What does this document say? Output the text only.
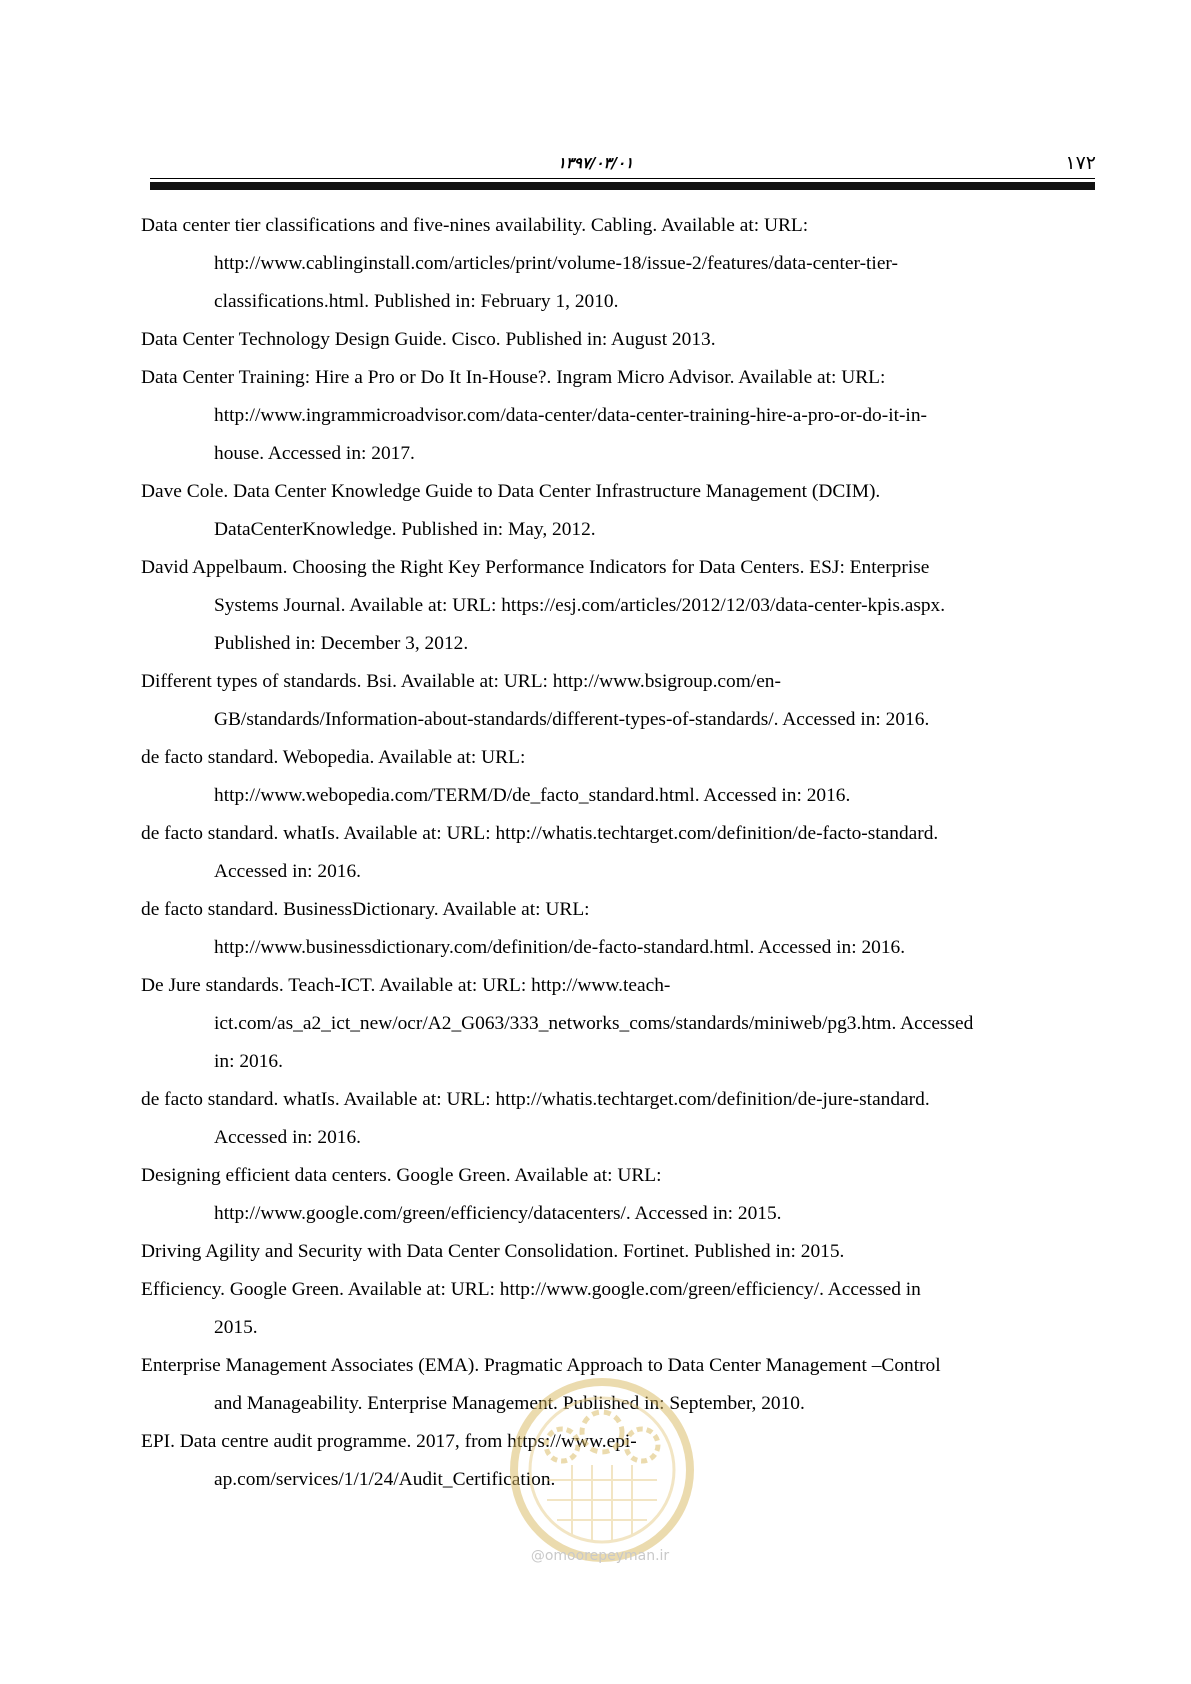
۱۳۹۷/۰۳/۰۱	۱۷۲
Data center tier classifications and five-nines availability. Cabling. Available at: URL:
http://www.cablinginstall.com/articles/print/volume-18/issue-2/features/data-center-tier-
classifications.html. Published in: February 1, 2010.
Data Center Technology Design Guide. Cisco. Published in: August 2013.
Data Center Training: Hire a Pro or Do It In-House?. Ingram Micro Advisor. Available at: URL:
http://www.ingrammicroadvisor.com/data-center/data-center-training-hire-a-pro-or-do-it-in-
house. Accessed in: 2017.
Dave Cole. Data Center Knowledge Guide to Data Center Infrastructure Management (DCIM).
DataCenterKnowledge. Published in: May, 2012.
David Appelbaum. Choosing the Right Key Performance Indicators for Data Centers. ESJ: Enterprise
Systems Journal. Available at: URL: https://esj.com/articles/2012/12/03/data-center-kpis.aspx.
Published in: December 3, 2012.
Different types of standards. Bsi. Available at: URL: http://www.bsigroup.com/en-
GB/standards/Information-about-standards/different-types-of-standards/. Accessed in: 2016.
de facto standard. Webopedia. Available at: URL:
http://www.webopedia.com/TERM/D/de_facto_standard.html. Accessed in: 2016.
de facto standard. whatIs. Available at: URL: http://whatis.techtarget.com/definition/de-facto-standard.
Accessed in: 2016.
de facto standard. BusinessDictionary. Available at: URL:
http://www.businessdictionary.com/definition/de-facto-standard.html. Accessed in: 2016.
De Jure standards. Teach-ICT. Available at: URL: http://www.teach-
ict.com/as_a2_ict_new/ocr/A2_G063/333_networks_coms/standards/miniweb/pg3.htm. Accessed
in: 2016.
de facto standard. whatIs. Available at: URL: http://whatis.techtarget.com/definition/de-jure-standard.
Accessed in: 2016.
Designing efficient data centers. Google Green. Available at: URL:
http://www.google.com/green/efficiency/datacenters/. Accessed in: 2015.
Driving Agility and Security with Data Center Consolidation. Fortinet. Published in: 2015.
Efficiency. Google Green. Available at: URL: http://www.google.com/green/efficiency/. Accessed in
2015.
Enterprise Management Associates (EMA). Pragmatic Approach to Data Center Management –Control
and Manageability. Enterprise Management. Published in: September, 2010.
EPI. Data centre audit programme. 2017, from https://www.epi-
ap.com/services/1/1/24/Audit_Certification.
@omoorepeyman.ir
